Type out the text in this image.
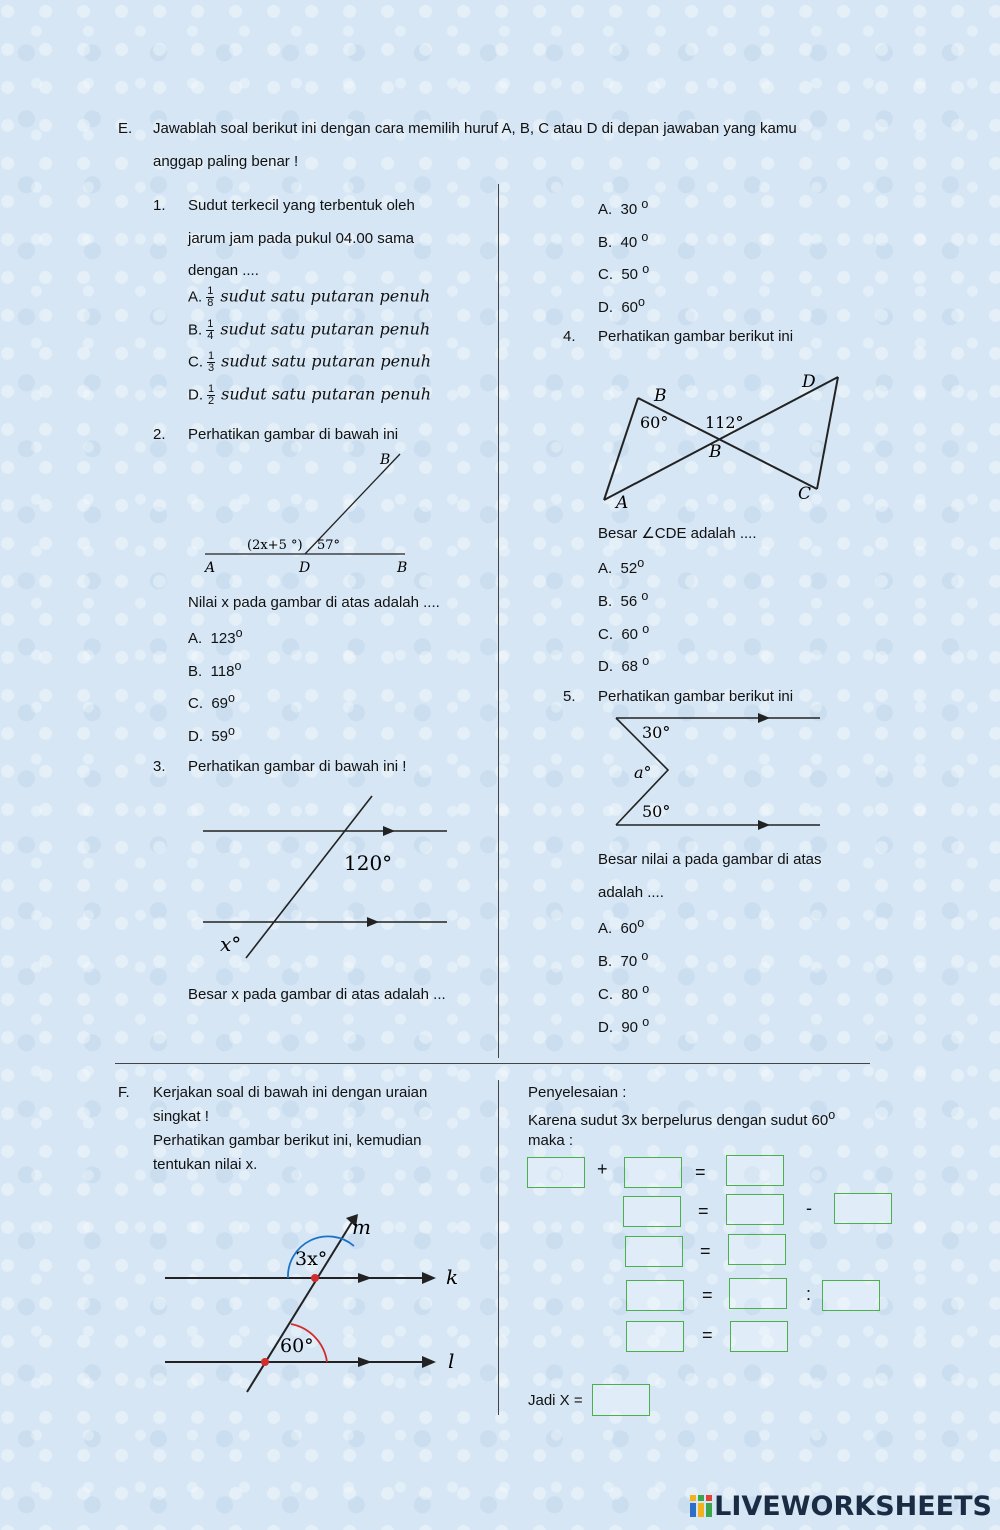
E. Jawablah soal berikut ini dengan cara memilih huruf A, B, C atau D di depan jawaban yang kamu
anggap paling benar !
1. Sudut terkecil yang terbentuk oleh
jarum jam pada pukul 04.00 sama
dengan ....
A. $\frac{1}{8}$ sudut satu putaran penuh
B. $\frac{1}{4}$ sudut satu putaran penuh
C. $\frac{1}{3}$ sudut satu putaran penuh
D. $\frac{1}{2}$ sudut satu putaran penuh
2. Perhatikan gambar di bawah ini
B
(2x+5 °) 57°
A	D	B
Nilai x pada gambar di atas adalah ....
A. 123$^o$
B. 118$^o$
C. 69$^o$
D. 59$^o$
3. Perhatikan gambar di bawah ini !
120°
x°
Besar x pada gambar di atas adalah ...
A. 30 $^o$
B. 40 $^o$
C. 50 $^o$
D. 60$^o$
4. Perhatikan gambar berikut ini
B
D
60° 112°
B
A	C
Besar ∠CDE adalah ....
A. 52$^o$
B. 56 $^o$
C. 60 $^o$
D. 68 $^o$
5. Perhatikan gambar berikut ini
30°
a°
50°
Besar nilai a pada gambar di atas
adalah ....
A. 60$^o$
B. 70 $^o$
C. 80 $^o$
D. 90 $^o$
F. Kerjakan soal di bawah ini dengan uraian
singkat !
Perhatikan gambar berikut ini, kemudian
tentukan nilai x.
3x°
60°
m
k
l
Penyelesaian :
Karena sudut 3x berpelurus dengan sudut 60$^o$
maka :
+	=
=	-
=
=	:
=
Jadi X =
LIVEWORKSHEETS
